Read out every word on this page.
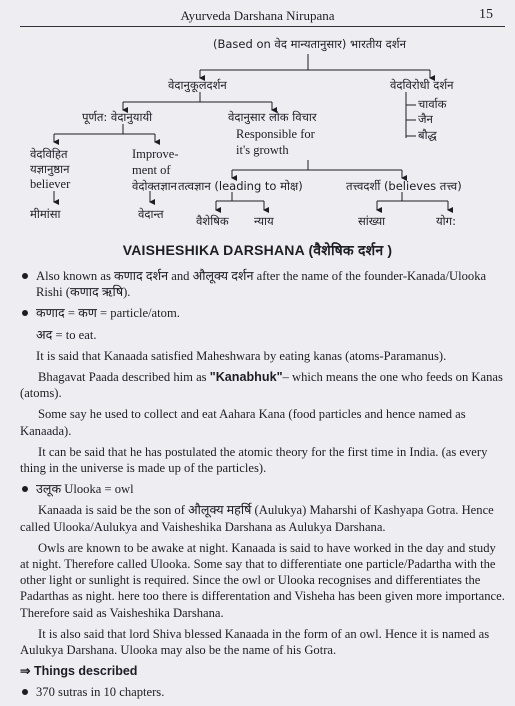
Ayurveda Darshana Nirupana	15
(Based on वेद मान्यतानुसार) भारतीय दर्शन
वेदानुकूलदर्शन	वेदविरोधी दर्शन
चार्वाक
जैन
बौद्ध
पूर्णत: वेदानुयायी	वेदानुसार लोक विचार
Responsible for
it's growth
वेदविहित
यज्ञानुष्ठान
believer
मीमांसा
Improve-
ment of
वेदोक्तज्ञान
वेदान्त
तत्वज्ञान (leading to मोक्ष)
वैशेषिक न्याय
तत्त्वदर्शी (believes तत्त्व)
सांख्या	योग:
VAISHESHIKA DARSHANA (वैशेषिक दर्शन )

Also known as कणाद दर्शन and औलूक्य दर्शन after the name of the founder-Kanada/Ulooka Rishi (कणाद ऋषि).

कणाद = कण = particle/atom.

अद = to eat.

It is said that Kanaada satisfied Maheshwara by eating kanas (atoms-Paramanus).

Bhagavat Paada described him as "Kanabhuk"– which means the one who feeds on Kanas (atoms).

Some say he used to collect and eat Aahara Kana (food particles and hence named as Kanaada).

It can be said that he has postulated the atomic theory for the first time in India. (as every thing in the universe is made up of the particles).

उलूक Ulooka = owl

Kanaada is said be the son of औलूक्य महर्षि (Aulukya) Maharshi of Kashyapa Gotra. Hence called Ulooka/Aulukya and Vaisheshika Darshana as Aulukya Darshana.

Owls are known to be awake at night. Kanaada is said to have worked in the day and study at night. Therefore called Ulooka. Some say that to differentiate one particle/Padartha with the other light or sunlight is required. Since the owl or Ulooka recognises and differentiates the Padarthas as night. here too there is differentation and Visheha has been given more importance. Therefore said as Vaisheshika Darshana.

It is also said that lord Shiva blessed Kanaada in the form of an owl. Hence it is named as Aulukya Darshana. Ulooka may also be the name of his Gotra.

⇒ Things described

370 sutras in 10 chapters.
